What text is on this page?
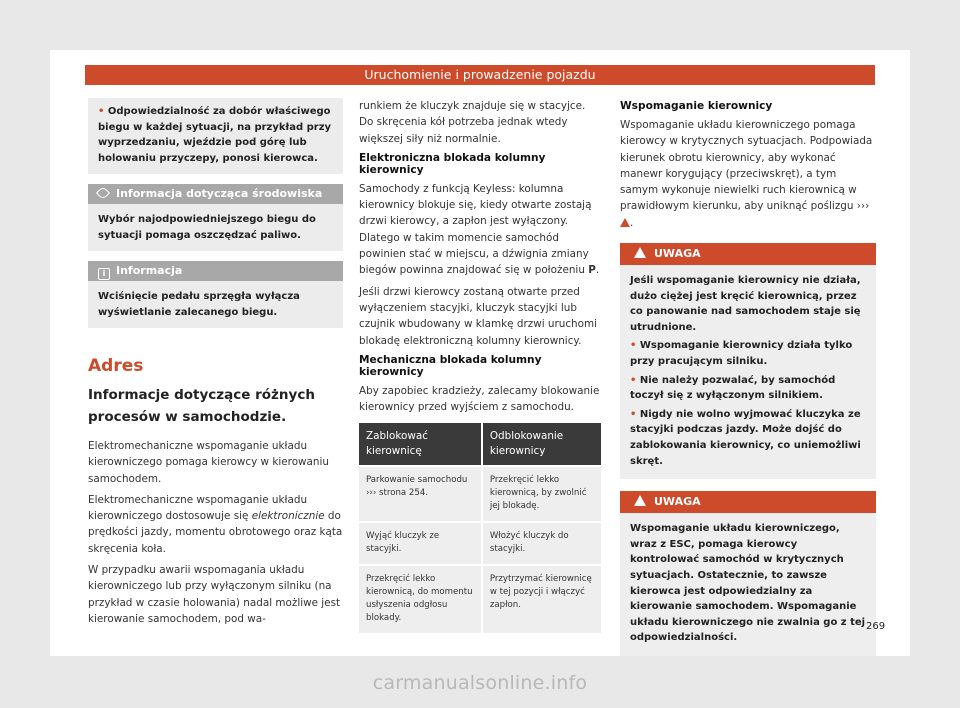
Uruchomienie i prowadzenie pojazdu
• Odpowiedzialność za dobór właściwego biegu w każdej sytuacji, na przykład przy wyprzedzaniu, wjeździe pod górę lub holowaniu przyczepy, ponosi kierowca.
Informacja dotycząca środowiska
Wybór najodpowiedniejszego biegu do sytuacji pomaga oszczędzać paliwo.
i Informacja
Wciśnięcie pedału sprzęgła wyłącza wyświetlanie zalecanego biegu.
Adres
Informacje dotyczące różnych procesów w samochodzie.

Elektromechaniczne wspomaganie układu kierowniczego pomaga kierowcy w kierowaniu samochodem.

Elektromechaniczne wspomaganie układu kierowniczego dostosowuje się elektronicznie do prędkości jazdy, momentu obrotowego oraz kąta skręcenia koła.

W przypadku awarii wspomagania układu kierowniczego lub przy wyłączonym silniku (na przykład w czasie holowania) nadal możliwe jest kierowanie samochodem, pod wa-

runkiem że kluczyk znajduje się w stacyjce. Do skręcenia kół potrzeba jednak wtedy większej siły niż normalnie.

Elektroniczna blokada kolumny kierownicy

Samochody z funkcją Keyless: kolumna kierownicy blokuje się, kiedy otwarte zostają drzwi kierowcy, a zapłon jest wyłączony. Dlatego w takim momencie samochód powinien stać w miejscu, a dźwignia zmiany biegów powinna znajdować się w położeniu P.

Jeśli drzwi kierowcy zostaną otwarte przed wyłączeniem stacyjki, kluczyk stacyjki lub czujnik wbudowany w klamkę drzwi uruchomi blokadę elektroniczną kolumny kierownicy.

Mechaniczna blokada kolumny kierownicy

Aby zapobiec kradzieży, zalecamy blokowanie kierownicy przed wyjściem z samochodu.

Zablokować kierownicę	Odblokowanie kierownicy
Parkowanie samochodu ››› strona 254.	Przekręcić lekko kierownicą, by zwolnić jej blokadę.
Wyjąć kluczyk ze stacyjki.	Włożyć kluczyk do stacyjki.
Przekręcić lekko kierownicą, do momentu usłyszenia odgłosu blokady.	Przytrzymać kierownicę w tej pozycji i włączyć zapłon.
Wspomaganie kierownicy

Wspomaganie układu kierowniczego pomaga kierowcy w krytycznych sytuacjach. Podpowiada kierunek obrotu kierownicy, aby wykonać manewr korygujący (przeciwskręt), a tym samym wykonuje niewielki ruch kierownicą w prawidłowym kierunku, aby uniknąć poślizgu ››› .

UWAGA
Jeśli wspomaganie kierownicy nie działa, dużo ciężej jest kręcić kierownicą, przez co panowanie nad samochodem staje się utrudnione.
• Wspomaganie kierownicy działa tylko przy pracującym silniku.
• Nie należy pozwalać, by samochód toczył się z wyłączonym silnikiem.
• Nigdy nie wolno wyjmować kluczyka ze stacyjki podczas jazdy. Może dojść do zablokowania kierownicy, co uniemożliwi skręt.
UWAGA
Wspomaganie układu kierowniczego, wraz z ESC, pomaga kierowcy kontrolować samochód w krytycznych sytuacjach. Ostatecznie, to zawsze kierowca jest odpowiedzialny za kierowanie samochodem. Wspomaganie układu kierowniczego nie zwalnia go z tej odpowiedzialności.
269
carmanualsonline.info
